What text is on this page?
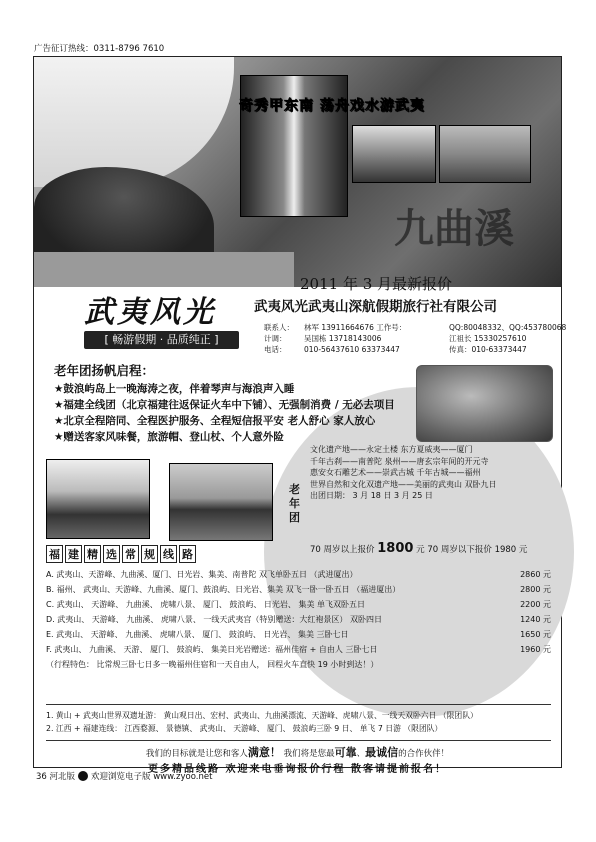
广告征订热线：0311-8796 7610
奇秀甲东南 荡舟戏水游武夷
九曲溪
2011 年 3 月最新报价
武夷风光武夷山深航假期旅行社有限公司
武夷风光
[ 畅游假期 · 品质纯正 ]
联系人：	林军 13911664676 工作号：	QQ:80048332、QQ:453780068
计调：	吴国栋 13718143006	江祖长 15330257610
电话：	010-56437610 63373447	传真：010-63373447
老年团扬帆启程：
★鼓浪屿岛上一晚海涛之夜，伴着琴声与海浪声入睡
★福建全线团（北京福建往返保证火车中下铺）、无强制消费 / 无必去项目
★北京全程陪同、全程医护服务、全程短信报平安 老人舒心 家人放心
★赠送客家风味餐，旅游帽、登山杖、个人意外险
老年团
文化遗产地——永定土楼 东方夏威夷——厦门
千年古刹——南普陀 泉州——唐玄宗年间的开元寺
惠安女石雕艺术——崇武古城 千年古城——福州
世界自然和文化双遗产地——美丽的武夷山 双卧九日
出团日期： 3 月 18 日 3 月 25 日
70 周岁以上报价 1800 元 70 周岁以下报价 1980 元
福 建 精 选 常 规 线 路
A. 武夷山、天游峰、九曲溪、厦门、日光岩、集美、南普陀 双飞单卧五日 （武进厦出）	2860 元
B. 福州、 武夷山、天游峰、九曲溪、厦门、鼓浪屿、日光岩、集美 双飞一卧一卧五日 （福进厦出）	2800 元
C. 武夷山、 天游峰、 九曲溪、 虎啸八景、 厦门、 鼓浪屿、 日光岩、 集美 单飞双卧五日	2200 元
D. 武夷山、 天游峰、 九曲溪、 虎啸八景、 一线天武夷宫（特别赠送：大红袍景区） 双卧四日	1240 元
E. 武夷山、 天游峰、 九曲溪、 虎啸八景、 厦门、 鼓浪屿、 日光岩、 集美 三卧七日	1650 元
F. 武夷山、 九曲溪、 天游、 厦门、 鼓浪屿、 集美日光岩赠送：福州佳宿 + 自由人 三卧七日	1960 元
（行程特色： 比常规三卧七日多一晚福州住宿和一天自由人， 回程火车直快 19 小时到达！）
1. 黄山 + 武夷山世界双遗址游： 黄山观日出、宏村、武夷山、九曲溪漂流、天游峰、虎啸八景、一线天双卧六日 （限团队）
2. 江西 + 福建连线： 江西婺源、 景德镇、 武夷山、 天游峰、 厦门、 鼓浪屿三卧 9 日、 单飞 7 日游 （限团队）
我们的目标就是让您和客人满意！ 我们将是您最可靠、最诚信的合作伙伴！
更多精品线路 欢迎来电垂询报价行程 散客请提前报名！
36 河北版 欢迎浏览电子版 www.zyoo.net
